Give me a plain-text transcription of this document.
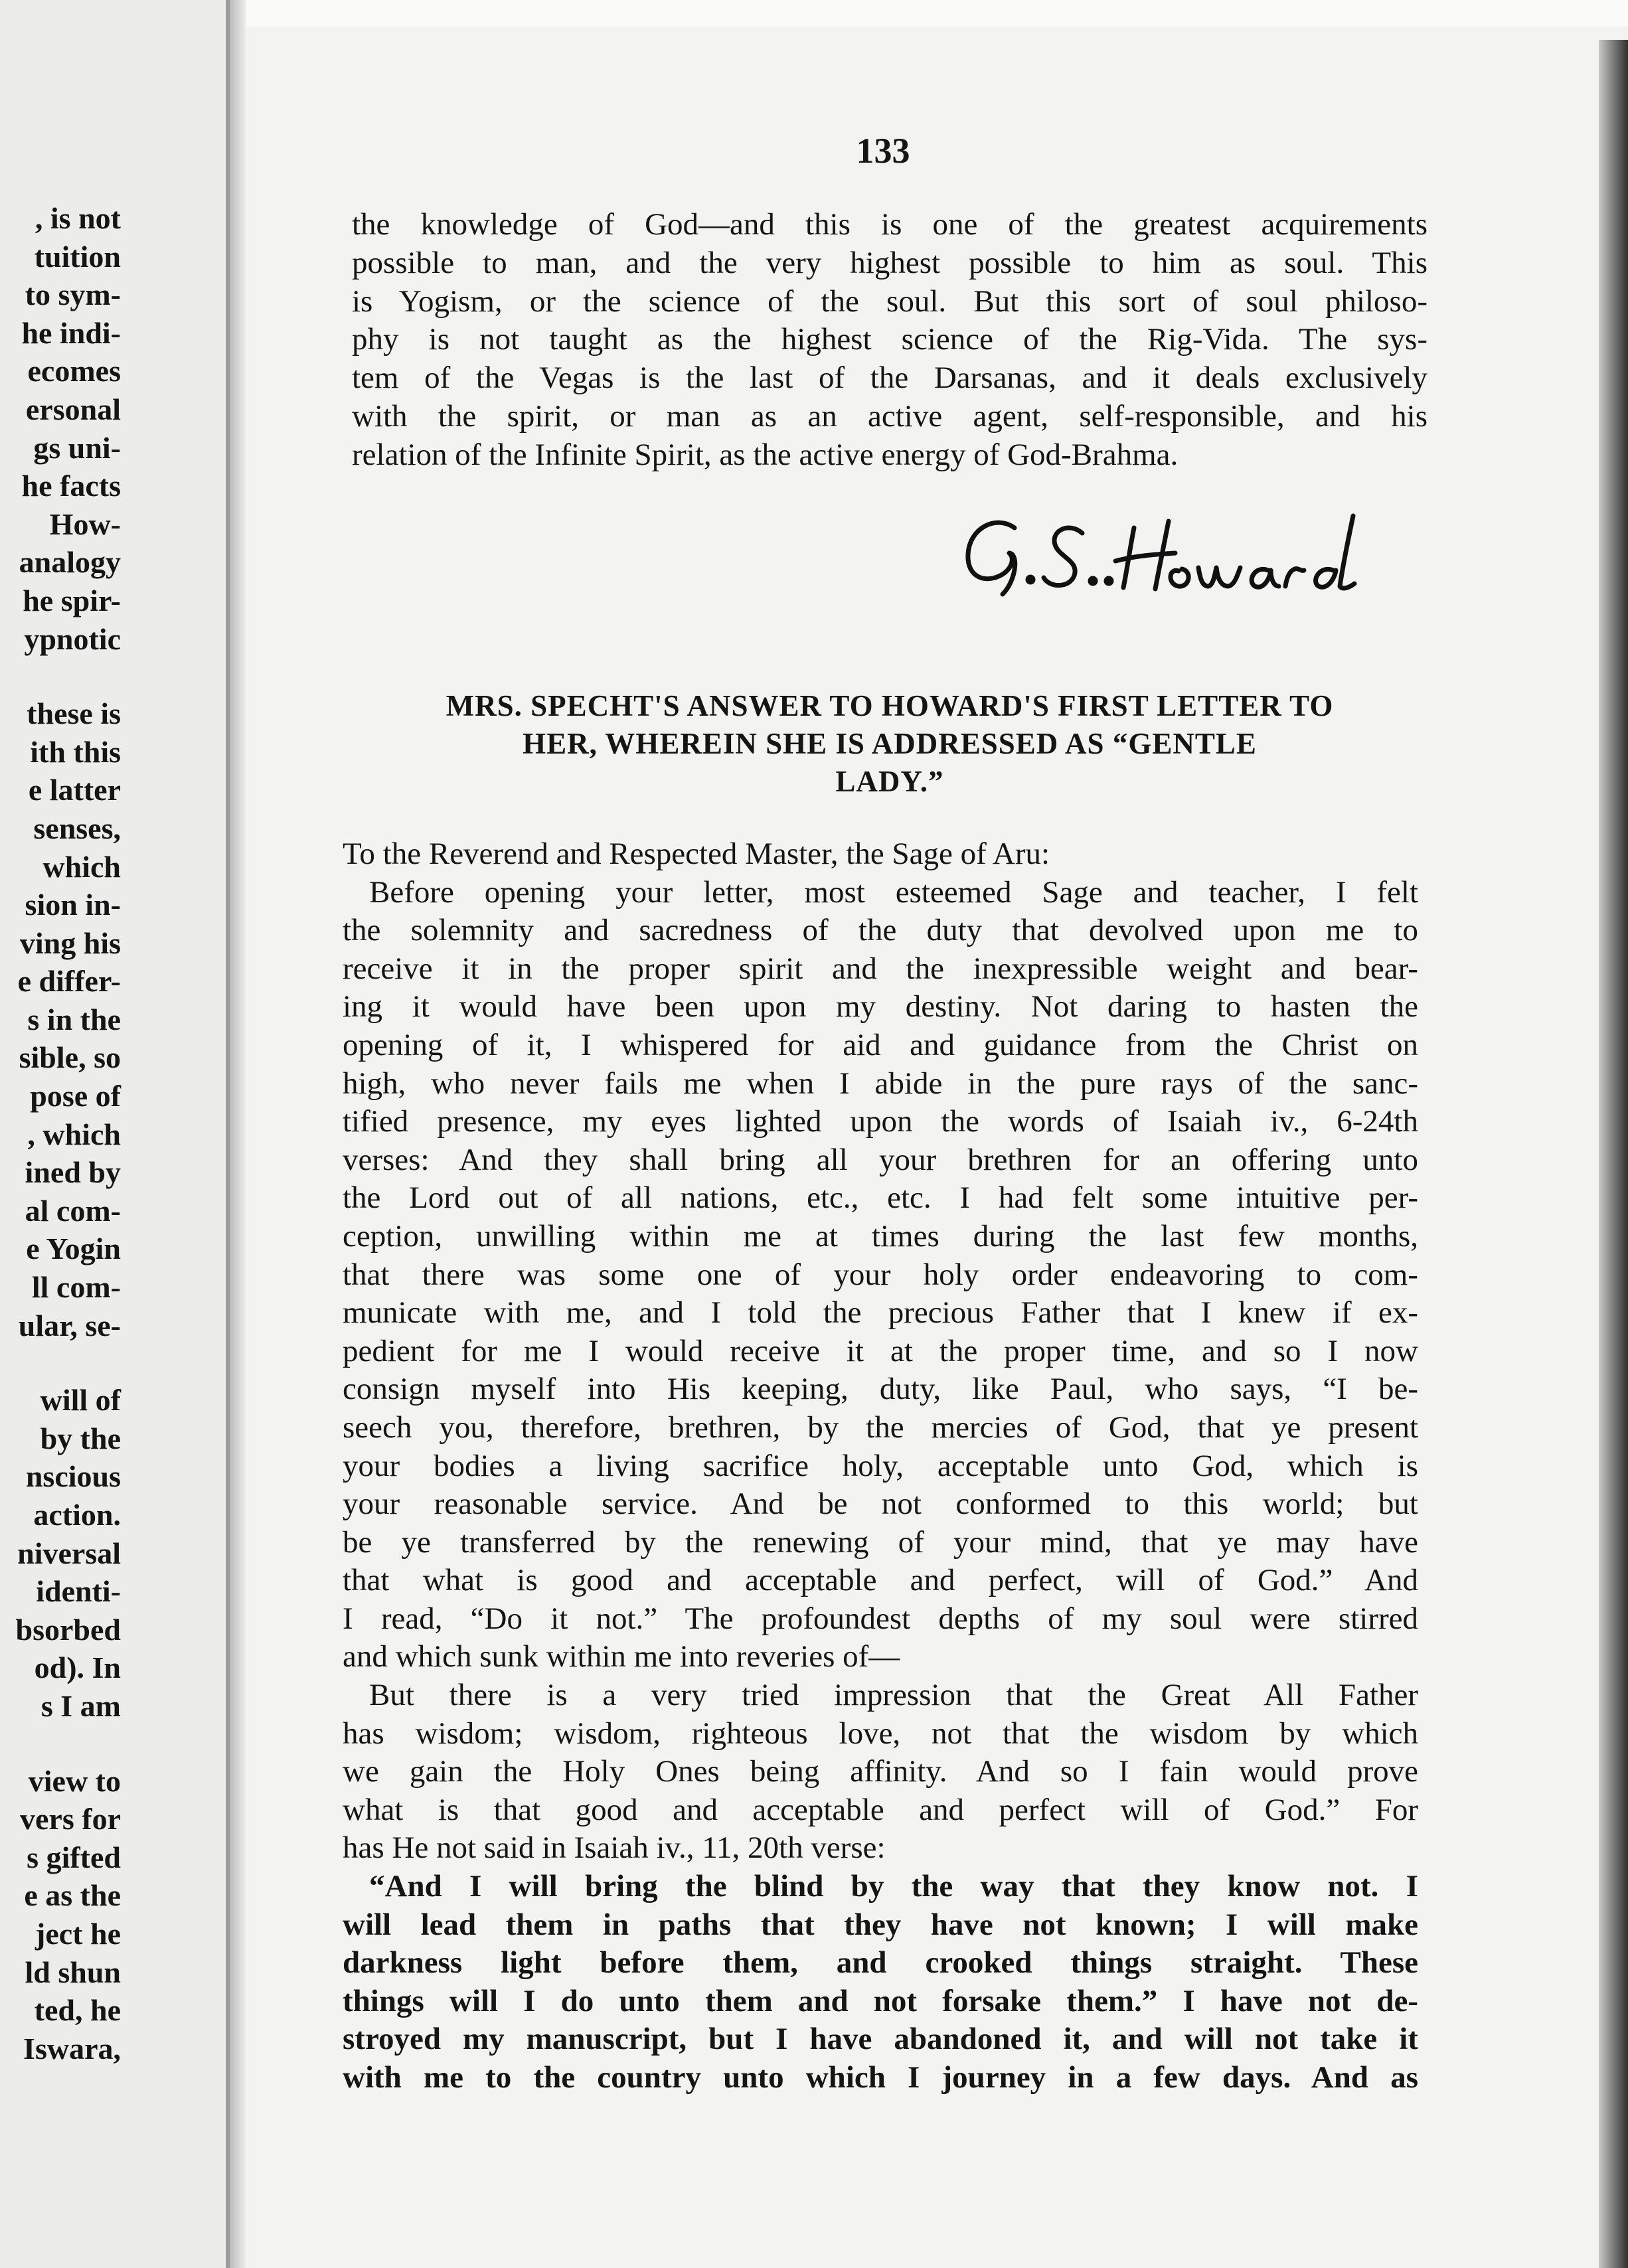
, is not
tuition
to sym-
he indi-
ecomes
ersonal
gs uni-
he facts
How-
analogy
he spir-
ypnotic
these is
ith this
e latter
senses,
which
sion in-
ving his
e differ-
s in the
sible, so
pose of
, which
ined by
al com-
e Yogin
ll com-
ular, se-
will of
by the
nscious
action.
niversal
identi-
bsorbed
od). In
s I am
view to
vers for
s gifted
e as the
ject he
ld shun
ted, he
Iswara,
133
the knowledge of God—and this is one of the greatest acquirements
possible to man, and the very highest possible to him as soul. This
is Yogism, or the science of the soul. But this sort of soul philoso-
phy is not taught as the highest science of the Rig-Vida. The sys-
tem of the Vegas is the last of the Darsanas, and it deals exclusively
with the spirit, or man as an active agent, self-responsible, and his
relation of the Infinite Spirit, as the active energy of God-Brahma.
MRS. SPECHT'S ANSWER TO HOWARD'S FIRST LETTER TO
HER, WHEREIN SHE IS ADDRESSED AS “GENTLE
LADY.”
To the Reverend and Respected Master, the Sage of Aru:
Before opening your letter, most esteemed Sage and teacher, I felt
the solemnity and sacredness of the duty that devolved upon me to
receive it in the proper spirit and the inexpressible weight and bear-
ing it would have been upon my destiny. Not daring to hasten the
opening of it, I whispered for aid and guidance from the Christ on
high, who never fails me when I abide in the pure rays of the sanc-
tified presence, my eyes lighted upon the words of Isaiah iv., 6-24th
verses: And they shall bring all your brethren for an offering unto
the Lord out of all nations, etc., etc. I had felt some intuitive per-
ception, unwilling within me at times during the last few months,
that there was some one of your holy order endeavoring to com-
municate with me, and I told the precious Father that I knew if ex-
pedient for me I would receive it at the proper time, and so I now
consign myself into His keeping, duty, like Paul, who says, “I be-
seech you, therefore, brethren, by the mercies of God, that ye present
your bodies a living sacrifice holy, acceptable unto God, which is
your reasonable service. And be not conformed to this world; but
be ye transferred by the renewing of your mind, that ye may have
that what is good and acceptable and perfect, will of God.” And
I read, “Do it not.” The profoundest depths of my soul were stirred
and which sunk within me into reveries of—
But there is a very tried impression that the Great All Father
has wisdom; wisdom, righteous love, not that the wisdom by which
we gain the Holy Ones being affinity. And so I fain would prove
what is that good and acceptable and perfect will of God.” For
has He not said in Isaiah iv., 11, 20th verse:
“And I will bring the blind by the way that they know not. I
will lead them in paths that they have not known; I will make
darkness light before them, and crooked things straight. These
things will I do unto them and not forsake them.” I have not de-
stroyed my manuscript, but I have abandoned it, and will not take it
with me to the country unto which I journey in a few days. And as
